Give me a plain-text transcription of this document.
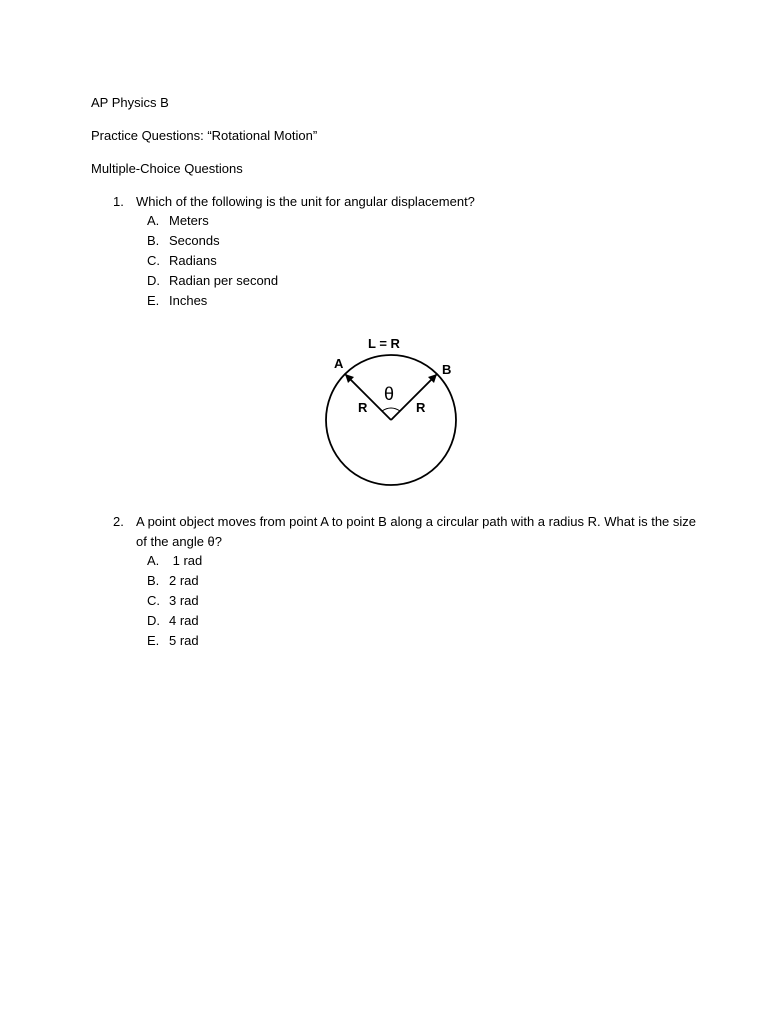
AP Physics B
Practice Questions: “Rotational Motion”
Multiple-Choice Questions
1. Which of the following is the unit for angular displacement?
A. Meters
B. Seconds
C. Radians
D. Radian per second
E. Inches
L = R
A	B
θ
R	R
2. A point object moves from point A to point B along a circular path with a radius R. What is the size of the angle θ?
A. 1 rad
B. 2 rad
C. 3 rad
D. 4 rad
E. 5 rad
